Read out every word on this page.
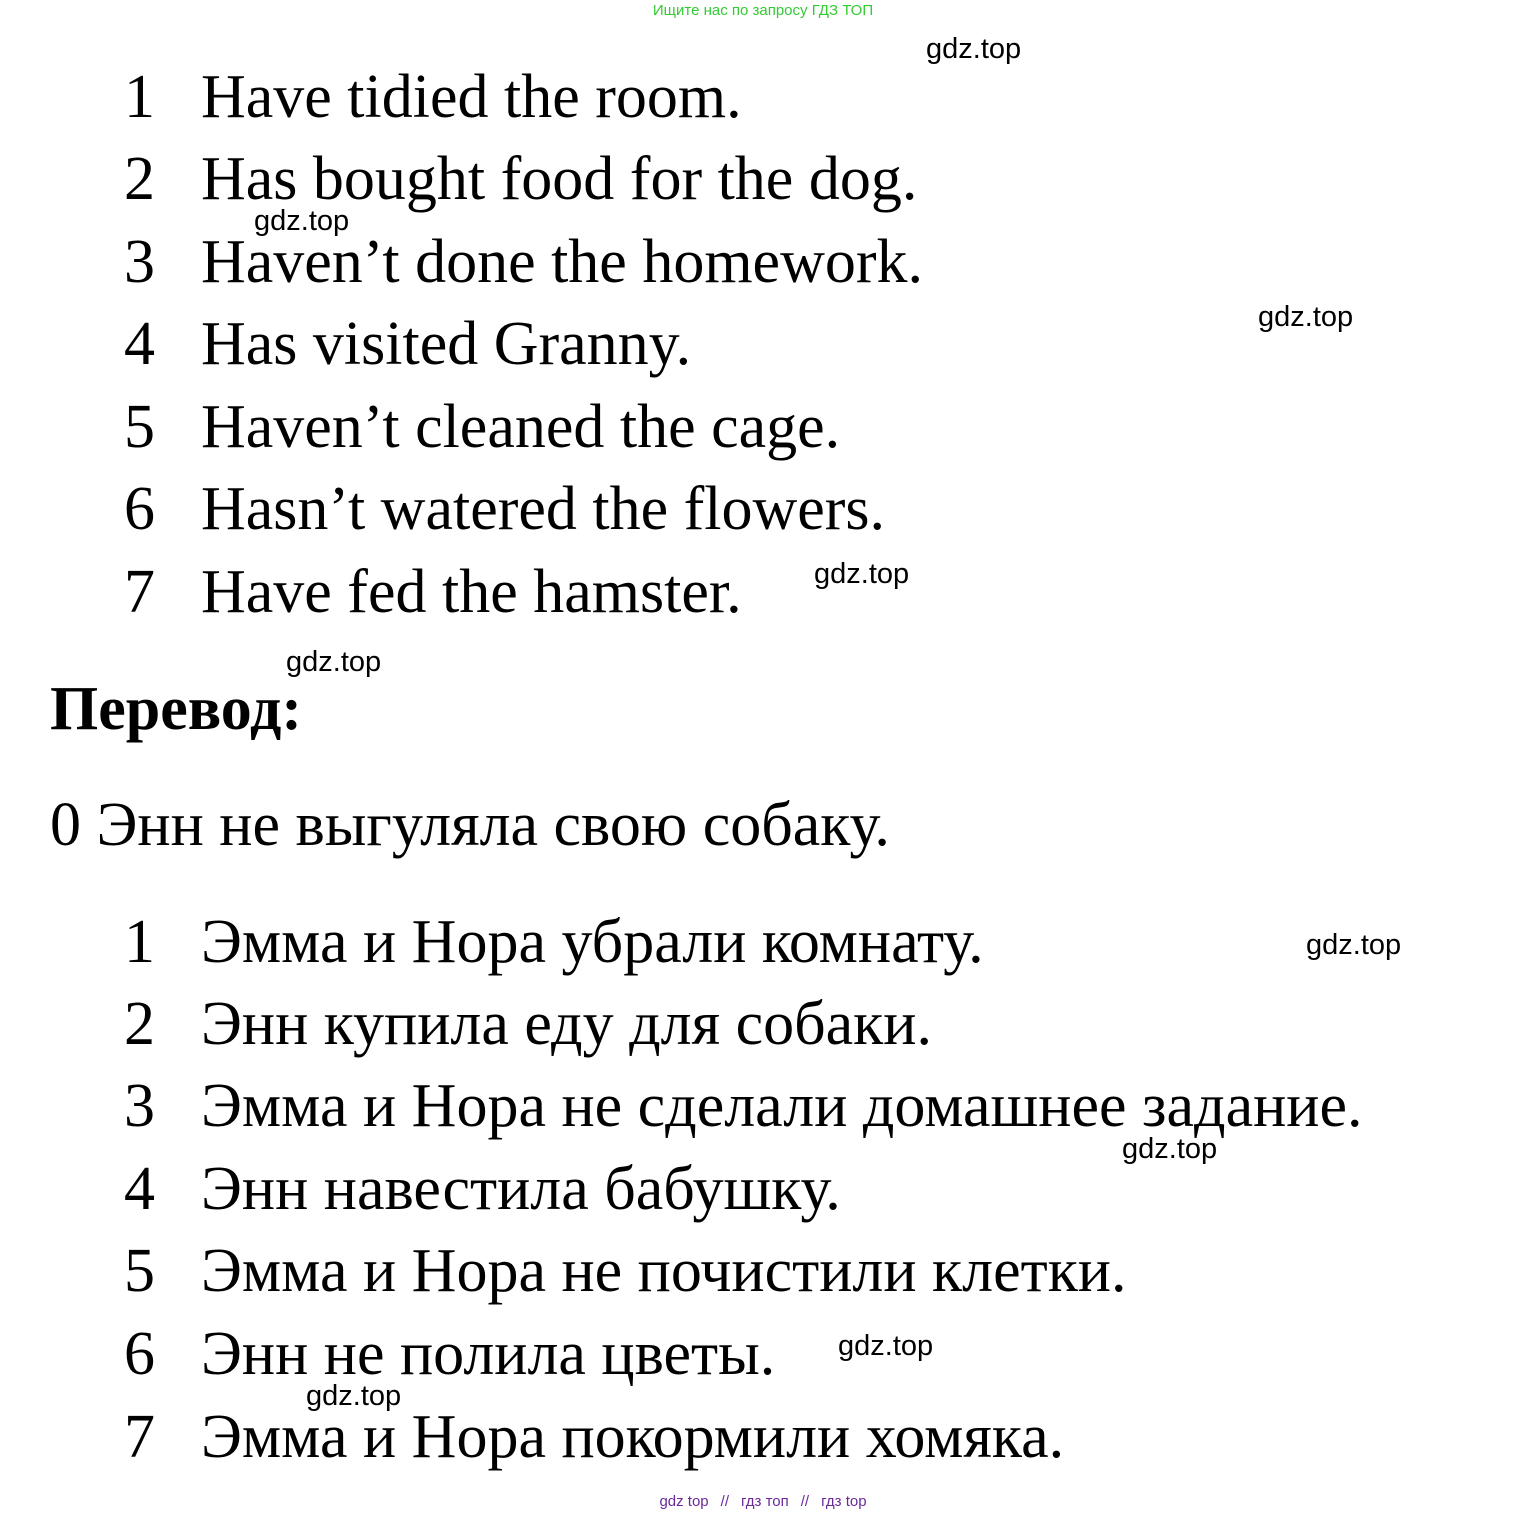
Ищите нас по запросу ГДЗ ТОП
1 Have tidied the room.
2 Has bought food for the dog.
3 Haven’t done the homework.
4 Has visited Granny.
5 Haven’t cleaned the cage.
6 Hasn’t watered the flowers.
7 Have fed the hamster.
Перевод:
0 Энн не выгуляла свою собаку.
1 Эмма и Нора убрали комнату.
2 Энн купила еду для собаки.
3 Эмма и Нора не сделали домашнее задание.
4 Энн навестила бабушку.
5 Эмма и Нора не почистили клетки.
6 Энн не полила цветы.
7 Эмма и Нора покормили хомяка.
gdz.top
gdz.top
gdz.top
gdz.top
gdz.top
gdz.top
gdz.top
gdz.top
gdz.top
gdz top // гдз топ // гдз top
